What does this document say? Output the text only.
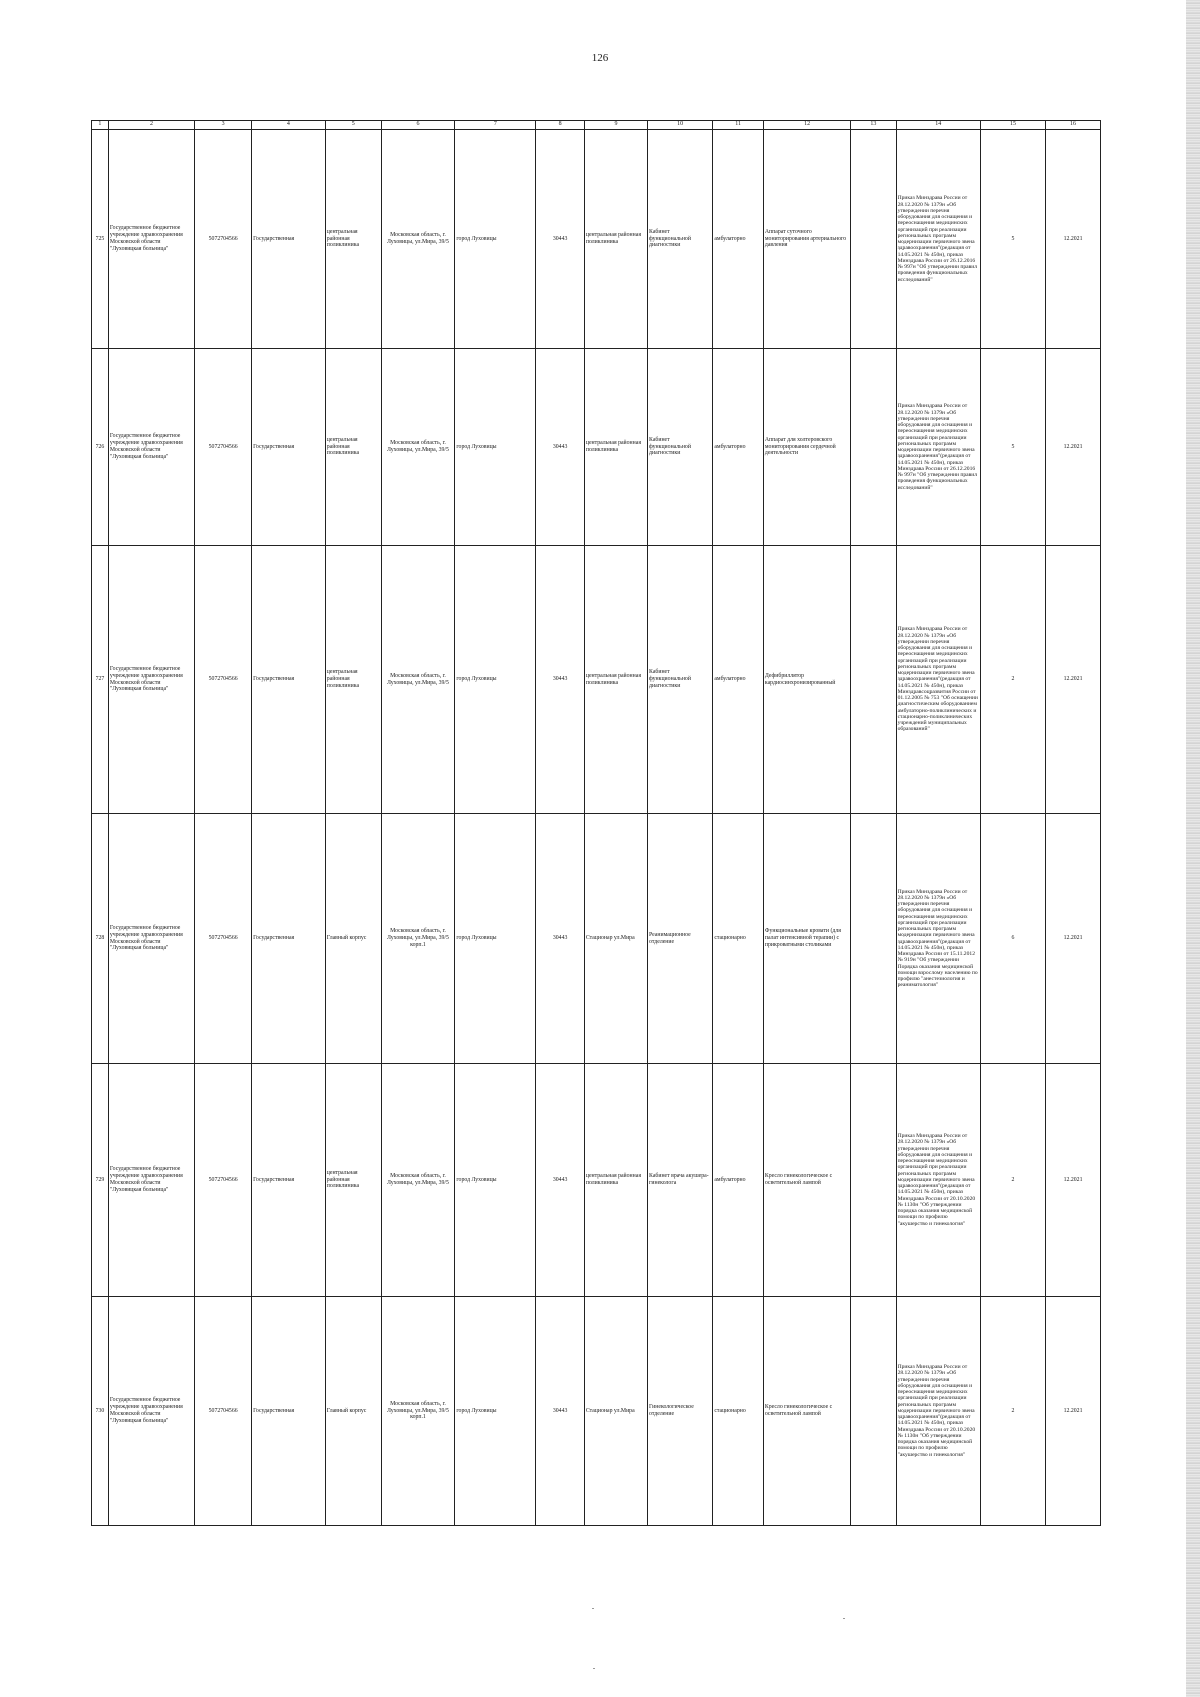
126
1	2	3	4	5	6	7	8	9	10	11	12	13	14	15	16
725	Государственное бюджетное учреждение здравоохранения Московской области "Луховицкая больница"	5072704566	Государственная	центральная районная поликлиника	Московская область, г. Луховицы, ул.Мира, 39/5	город Луховицы	30443	центральная районная поликлиника	Кабинет функциональной диагностики	амбулаторно	Аппарат суточного мониторирования артериального давления		Приказ Минздрава России от 28.12.2020 № 1379н «Об утверждении перечня оборудования для оснащения и переоснащения медицинских организаций при реализации региональных программ модернизации первичного звена здравоохранения"(редакция от 14.05.2021 № 450н), приказ Минздрава России от 26.12.2016 № 997н "Об утверждении правил проведения функциональных исследований"	5	12.2021
726	Государственное бюджетное учреждение здравоохранения Московской области "Луховицкая больница"	5072704566	Государственная	центральная районная поликлиника	Московская область, г. Луховицы, ул.Мира, 39/5	город Луховицы	30443	центральная районная поликлиника	Кабинет функциональной диагностики	амбулаторно	Аппарат для холтеровского мониторирования сердечной деятельности		Приказ Минздрава России от 28.12.2020 № 1379н «Об утверждении перечня оборудования для оснащения и переоснащения медицинских организаций при реализации региональных программ модернизации первичного звена здравоохранения"(редакция от 14.05.2021 № 450н), приказ Минздрава России от 26.12.2016 № 997н "Об утверждении правил проведения функциональных исследований"	5	12.2021
727	Государственное бюджетное учреждение здравоохранения Московской области "Луховицкая больница"	5072704566	Государственная	центральная районная поликлиника	Московская область, г. Луховицы, ул.Мира, 39/5	город Луховицы	30443	центральная районная поликлиника	Кабинет функциональной диагностики	амбулаторно	Дефибриллятор кардиосинхронизированный		Приказ Минздрава России от 28.12.2020 № 1379н «Об утверждении перечня оборудования для оснащения и переоснащения медицинских организаций при реализации региональных программ модернизации первичного звена здравоохранения"(редакция от 14.05.2021 № 450н), приказ Минздравсоцразвития России от 01.12.2005 № 753 "Об оснащении диагностическим оборудованием амбулаторно-поликлинических и стационарно-поликлинических учреждений муниципальных образований"	2	12.2021
728	Государственное бюджетное учреждение здравоохранения Московской области "Луховицкая больница"	5072704566	Государственная	Главный корпус	Московская область, г. Луховицы, ул.Мира, 39/5 корп.1	город Луховицы	30443	Стационар ул.Мира	Реанимационное отделение	стационарно	Функциональные кровати (для палат интенсивной терапии) с прикроватными столиками		Приказ Минздрава России от 28.12.2020 № 1379н «Об утверждении перечня оборудования для оснащения и переоснащения медицинских организаций при реализации региональных программ модернизации первичного звена здравоохранения"(редакция от 14.05.2021 № 450н), приказ Минздрава России от 15.11.2012 № 919н "Об утверждении Порядка оказания медицинской помощи взрослому населению по профилю "анестезиология и реаниматология"	6	12.2021
729	Государственное бюджетное учреждение здравоохранения Московской области "Луховицкая больница"	5072704566	Государственная	центральная районная поликлиника	Московская область, г. Луховицы, ул.Мира, 39/5	город Луховицы	30443	центральная районная поликлиника	Кабинет врача акушера-гинеколога	амбулаторно	Кресло гинекологическое с осветительной лампой		Приказ Минздрава России от 28.12.2020 № 1379н «Об утверждении перечня оборудования для оснащения и переоснащения медицинских организаций при реализации региональных программ модернизации первичного звена здравоохранения"(редакция от 14.05.2021 № 450н), приказ Минздрава России от 20.10.2020 № 1130н "Об утверждении порядка оказания медицинской помощи по профилю "акушерство и гинекология"	2	12.2021
730	Государственное бюджетное учреждение здравоохранения Московской области "Луховицкая больница"	5072704566	Государственная	Главный корпус	Московская область, г. Луховицы, ул.Мира, 39/5 корп.1	город Луховицы	30443	Стационар ул.Мира	Гинекологическое отделение	стационарно	Кресло гинекологическое с осветительной лампой		Приказ Минздрава России от 28.12.2020 № 1379н «Об утверждении перечня оборудования для оснащения и переоснащения медицинских организаций при реализации региональных программ модернизации первичного звена здравоохранения"(редакция от 14.05.2021 № 450н), приказ Минздрава России от 20.10.2020 № 1130н "Об утверждении порядка оказания медицинской помощи по профилю "акушерство и гинекология"	2	12.2021
